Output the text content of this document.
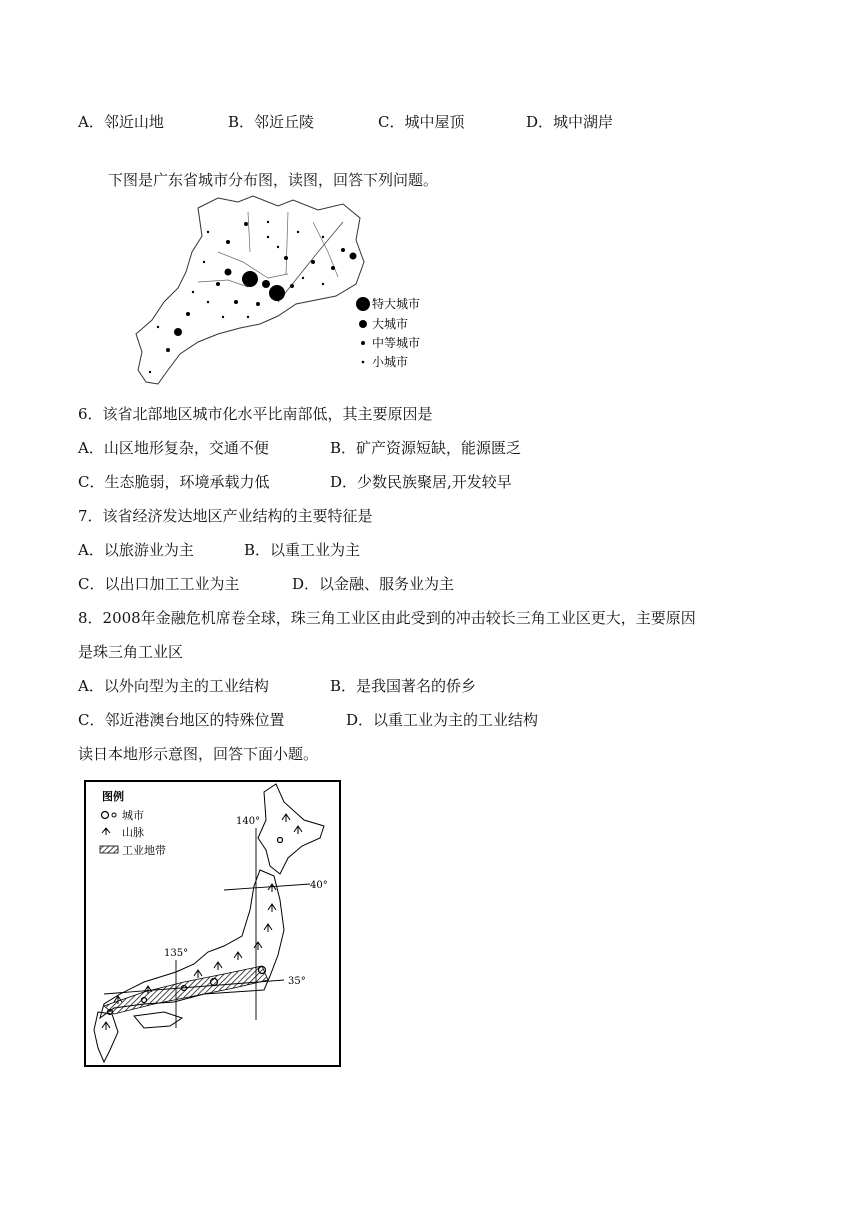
A．邻近山地	B．邻近丘陵	C．城中屋顶	D．城中湖岸
下图是广东省城市分布图，读图，回答下列问题。
特大城市
大城市
中等城市
小城市
6．该省北部地区城市化水平比南部低，其主要原因是
A．山区地形复杂，交通不便	B．矿产资源短缺，能源匮乏
C．生态脆弱，环境承载力低	D．少数民族聚居,开发较早
7．该省经济发达地区产业结构的主要特征是
A．以旅游业为主	B．以重工业为主
C．以出口加工工业为主	D．以金融、服务业为主
8．2008年金融危机席卷全球，珠三角工业区由此受到的冲击较长三角工业区更大，主要原因
是珠三角工业区
A．以外向型为主的工业结构	B．是我国著名的侨乡
C．邻近港澳台地区的特殊位置	D．以重工业为主的工业结构
读日本地形示意图，回答下面小题。
图例
城市
ᵔ 山脉
工业地带
140°
40°
135°
35°
